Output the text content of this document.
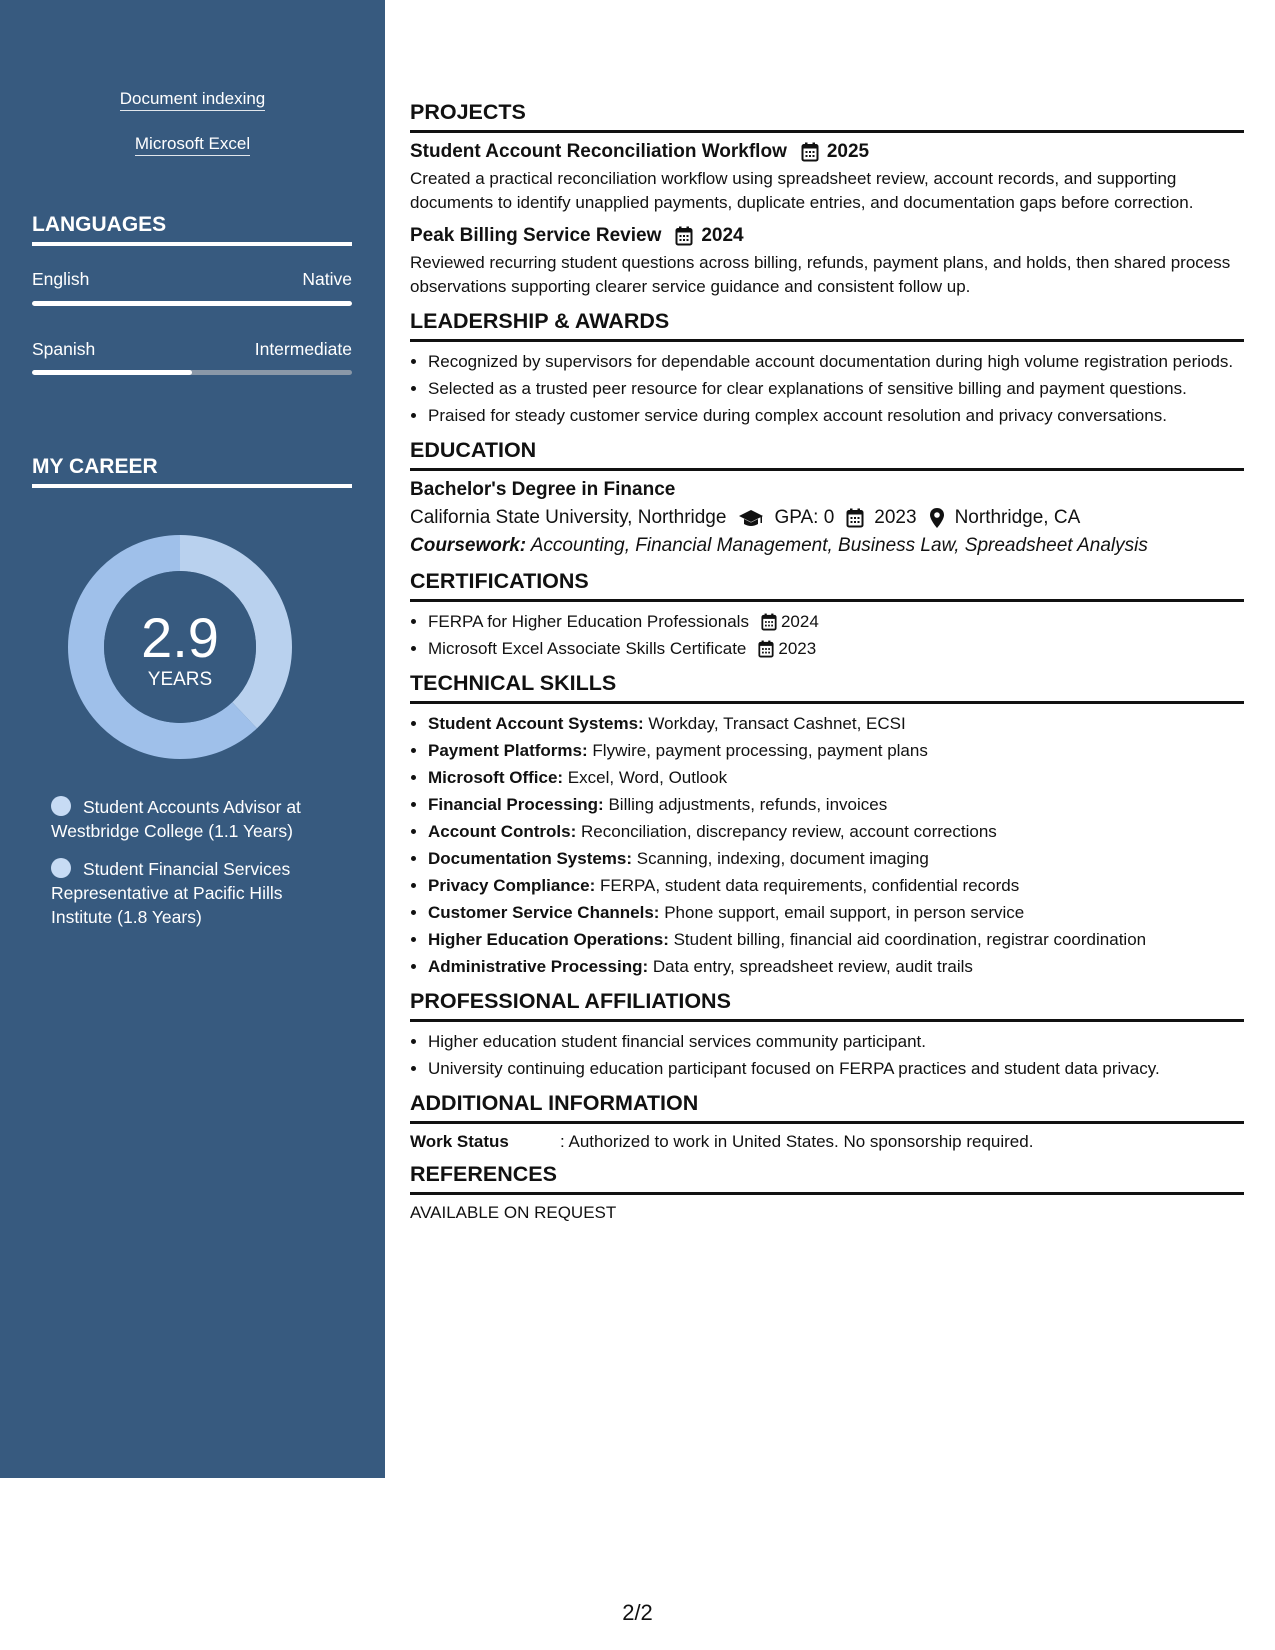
Document indexing
Microsoft Excel
LANGUAGES
English	Native
Spanish	Intermediate
MY CAREER
2.9
YEARS
Student Accounts Advisor at Westbridge College (1.1 Years)
Student Financial Services Representative at Pacific Hills Institute (1.8 Years)
PROJECTS
Student Account Reconciliation Workflow 2025

Created a practical reconciliation workflow using spreadsheet review, account records, and supporting documents to identify unapplied payments, duplicate entries, and documentation gaps before correction.

Peak Billing Service Review 2024

Reviewed recurring student questions across billing, refunds, payment plans, and holds, then shared process observations supporting clearer service guidance and consistent follow up.

LEADERSHIP & AWARDS
• Recognized by supervisors for dependable account documentation during high volume registration periods.
• Selected as a trusted peer resource for clear explanations of sensitive billing and payment questions.
• Praised for steady customer service during complex account resolution and privacy conversations.
EDUCATION
Bachelor's Degree in Finance
California State University, Northridge	GPA: 0 2023 Northridge, CA
Coursework: Accounting, Financial Management, Business Law, Spreadsheet Analysis
CERTIFICATIONS
• FERPA for Higher Education Professionals 2024
• Microsoft Excel Associate Skills Certificate 2023
TECHNICAL SKILLS
• Student Account Systems: Workday, Transact Cashnet, ECSI
• Payment Platforms: Flywire, payment processing, payment plans
• Microsoft Office: Excel, Word, Outlook
• Financial Processing: Billing adjustments, refunds, invoices
• Account Controls: Reconciliation, discrepancy review, account corrections
• Documentation Systems: Scanning, indexing, document imaging
• Privacy Compliance: FERPA, student data requirements, confidential records
• Customer Service Channels: Phone support, email support, in person service
• Higher Education Operations: Student billing, financial aid coordination, registrar coordination
• Administrative Processing: Data entry, spreadsheet review, audit trails
PROFESSIONAL AFFILIATIONS
• Higher education student financial services community participant.
• University continuing education participant focused on FERPA practices and student data privacy.
ADDITIONAL INFORMATION
Work Status	: Authorized to work in United States. No sponsorship required.
REFERENCES
AVAILABLE ON REQUEST
2/2
